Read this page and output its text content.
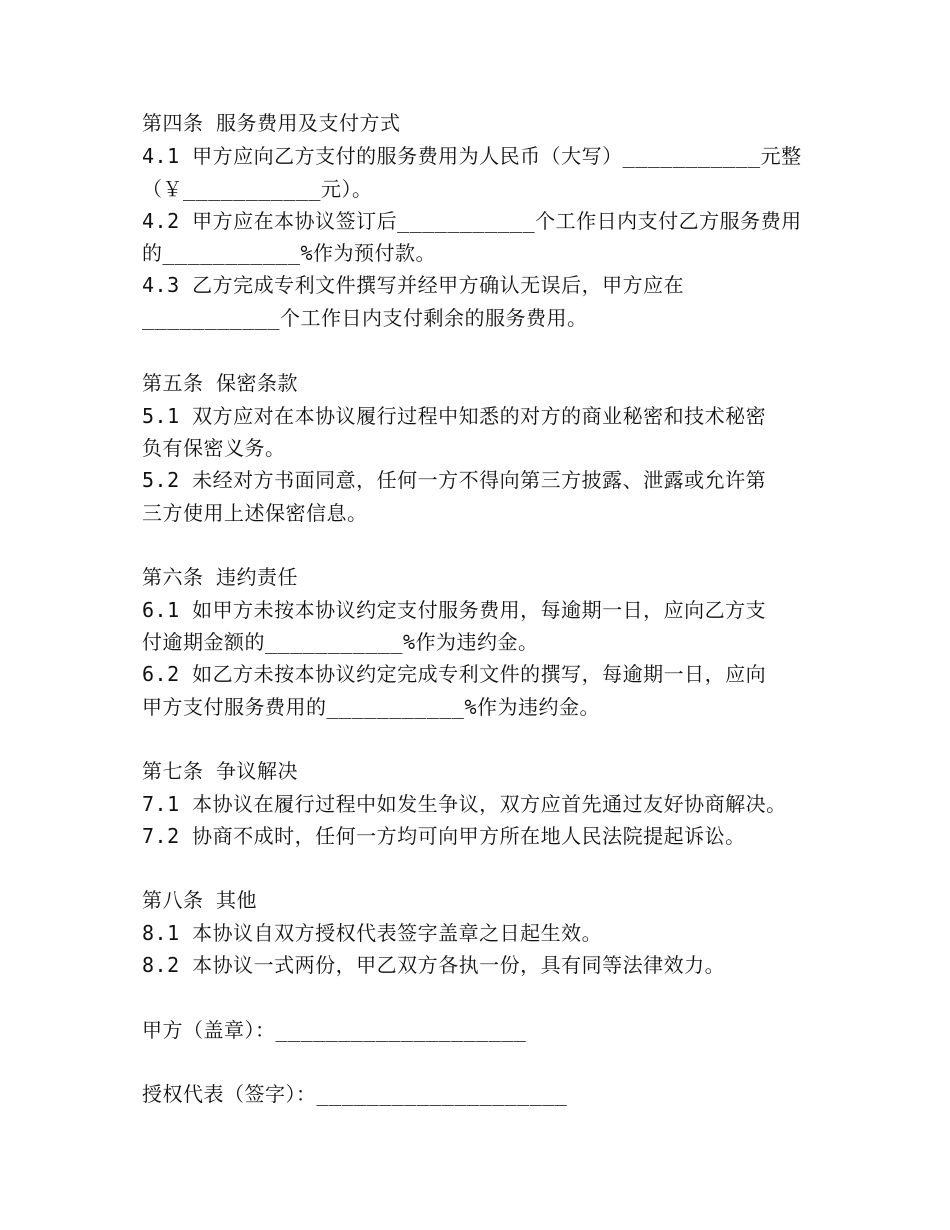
第四条 服务费用及支付方式
4.1 甲方应向乙方支付的服务费用为人民币（大写）___________元整
（￥___________元）。
4.2 甲方应在本协议签订后___________个工作日内支付乙方服务费用
的___________%作为预付款。
4.3 乙方完成专利文件撰写并经甲方确认无误后，甲方应在
___________个工作日内支付剩余的服务费用。
第五条 保密条款
5.1 双方应对在本协议履行过程中知悉的对方的商业秘密和技术秘密
负有保密义务。
5.2 未经对方书面同意，任何一方不得向第三方披露、泄露或允许第
三方使用上述保密信息。
第六条 违约责任
6.1 如甲方未按本协议约定支付服务费用，每逾期一日，应向乙方支
付逾期金额的___________%作为违约金。
6.2 如乙方未按本协议约定完成专利文件的撰写，每逾期一日，应向
甲方支付服务费用的___________%作为违约金。
第七条 争议解决
7.1 本协议在履行过程中如发生争议，双方应首先通过友好协商解决。
7.2 协商不成时，任何一方均可向甲方所在地人民法院提起诉讼。
第八条 其他
8.1 本协议自双方授权代表签字盖章之日起生效。
8.2 本协议一式两份，甲乙双方各执一份，具有同等法律效力。
甲方（盖章）：____________________
授权代表（签字）：____________________
